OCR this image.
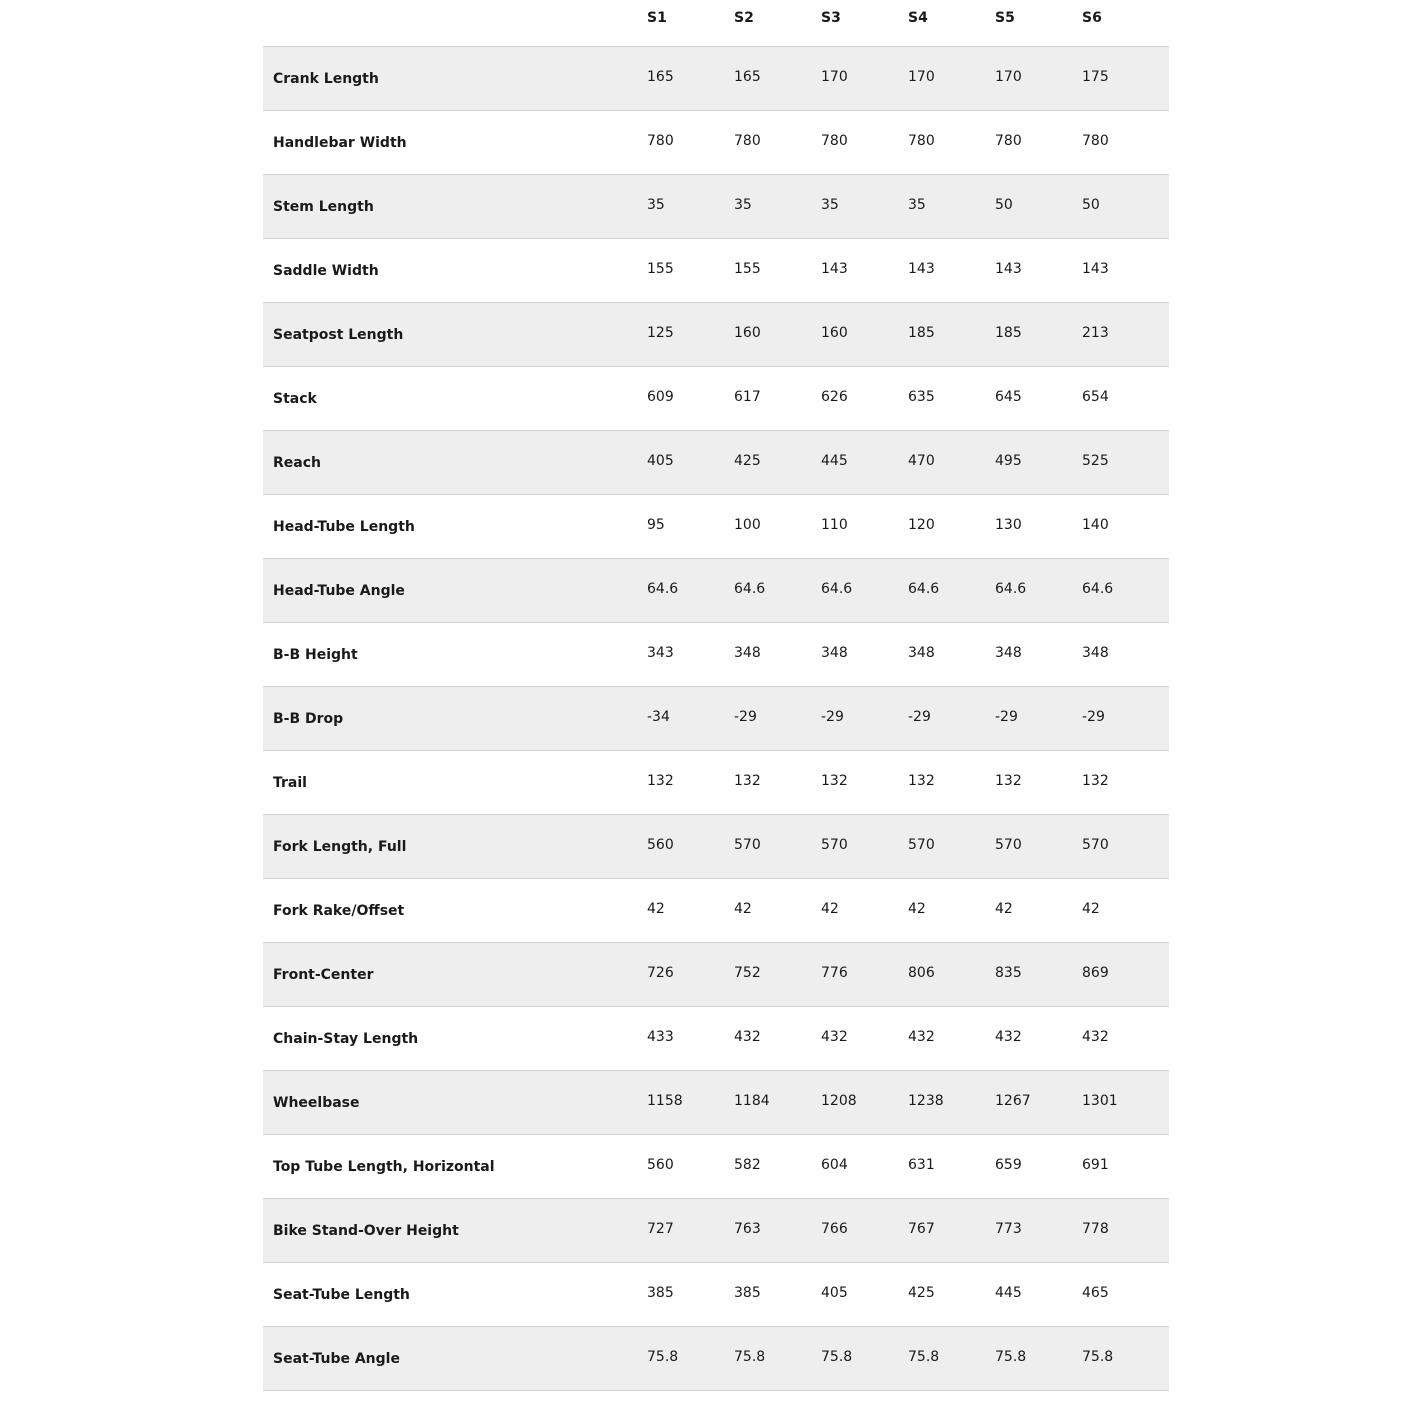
	S1	S2	S3	S4	S5	S6
Crank Length	165	165	170	170	170	175
Handlebar Width	780	780	780	780	780	780
Stem Length	35	35	35	35	50	50
Saddle Width	155	155	143	143	143	143
Seatpost Length	125	160	160	185	185	213
Stack	609	617	626	635	645	654
Reach	405	425	445	470	495	525
Head-Tube Length	95	100	110	120	130	140
Head-Tube Angle	64.6	64.6	64.6	64.6	64.6	64.6
B-B Height	343	348	348	348	348	348
B-B Drop	-34	-29	-29	-29	-29	-29
Trail	132	132	132	132	132	132
Fork Length, Full	560	570	570	570	570	570
Fork Rake/Offset	42	42	42	42	42	42
Front-Center	726	752	776	806	835	869
Chain-Stay Length	433	432	432	432	432	432
Wheelbase	1158	1184	1208	1238	1267	1301
Top Tube Length, Horizontal	560	582	604	631	659	691
Bike Stand-Over Height	727	763	766	767	773	778
Seat-Tube Length	385	385	405	425	445	465
Seat-Tube Angle	75.8	75.8	75.8	75.8	75.8	75.8
